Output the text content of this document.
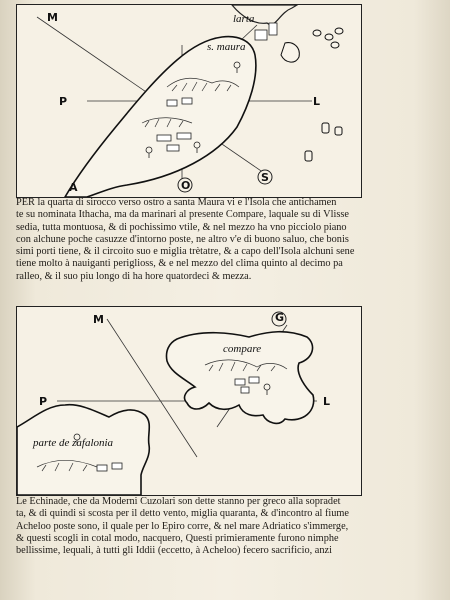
M
P	L
A	O
S
larta
s. maura
PER la quarta di sirocco verso ostro a santa Maura vi e l'Isola che antichamen
te su nominata Ithacha, ma da marinari al presente Compare, laquale su di Vlisse
sedia, tutta montuosa, & di pochissimo vtile, & nel mezzo ha vno picciolo piano
con alchune poche casuzze d'intorno poste, ne altro v'e di buono saluo, che bonis
simi porti tiene, & il circoito suo e miglia trètatre, & a capo dell'Isola alchuni sene
tiene molto à nauiganti periglioss, & e nel mezzo del clima quinto al decimo pa
ralleo, & il suo piu longo di ha hore quatordeci & mezza.
M	G
P	L
compare
parte de zafalonia
Le Echinade, che da Moderni Cuzolari son dette stanno per greco alla sopradet
ta, & di quindi si scosta per il detto vento, miglia quaranta, & d'incontro al fiume
Acheloo poste sono, il quale per lo Epiro corre, & nel mare Adriatico s'immerge,
& questi scogli in cotal modo, nacquero, Questi primieramente furono nimphe
bellissime, lequali, à tutti gli Iddii (eccetto, à Acheloo) fecero sacrificio, anzi
